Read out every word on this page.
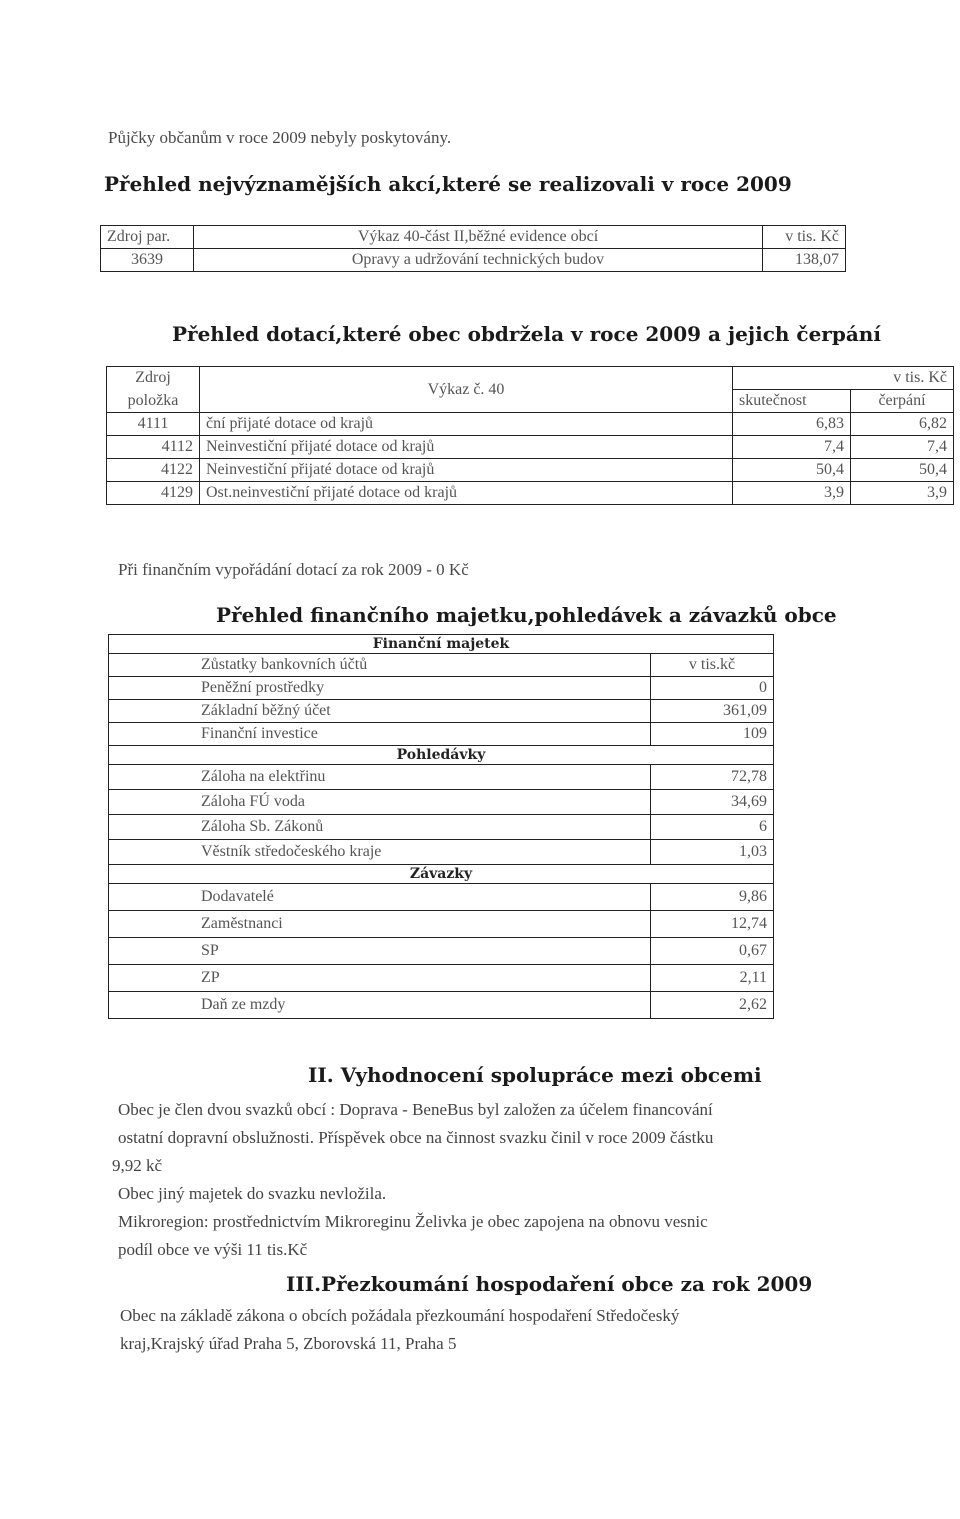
Půjčky občanům v roce 2009 nebyly poskytovány.
Přehled nejvýznamějších akcí,které se realizovali v roce 2009
Zdroj par.	Výkaz 40-část II,běžné evidence obcí	v tis. Kč
3639	Opravy a udržování technických budov	138,07
Přehled dotací,které obec obdržela v roce 2009 a jejich čerpání
Zdroj	Výkaz č. 40	v tis. Kč	
položka		skutečnost	čerpání
4111	ční přijaté dotace od krajů	6,83	6,82
4112	Neinvestiční přijaté dotace od krajů	7,4	7,4
4122	Neinvestiční přijaté dotace od krajů	50,4	50,4
4129	Ost.neinvestiční přijaté dotace od krajů	3,9	3,9
Při finančním vypořádání dotací za rok 2009 - 0 Kč
Přehled finančního majetku,pohledávek a závazků obce
Finanční majetek	
Zůstatky bankovních účtů	v tis.kč
Peněžní prostředky	0
Základní běžný účet	361,09
Finanční investice	109
Pohledávky	
Záloha na elektřinu	72,78
Záloha FÚ voda	34,69
Záloha Sb. Zákonů	6
Věstník středočeského kraje	1,03
Závazky	
Dodavatelé	9,86
Zaměstnanci	12,74
SP	0,67
ZP	2,11
Daň ze mzdy	2,62
II. Vyhodnocení spolupráce mezi obcemi
Obec je člen dvou svazků obcí : Doprava - BeneBus byl založen za účelem financování
ostatní dopravní obslužnosti. Příspěvek obce na činnost svazku činil v roce 2009 částku
9,92 kč
Obec jiný majetek do svazku nevložila.
Mikroregion: prostřednictvím Mikroreginu Želivka je obec zapojena na obnovu vesnic
podíl obce ve výši 11 tis.Kč
III.Přezkoumání hospodaření obce za rok 2009
Obec na základě zákona o obcích požádala přezkoumání hospodaření Středočeský
kraj,Krajský úřad Praha 5, Zborovská 11, Praha 5
